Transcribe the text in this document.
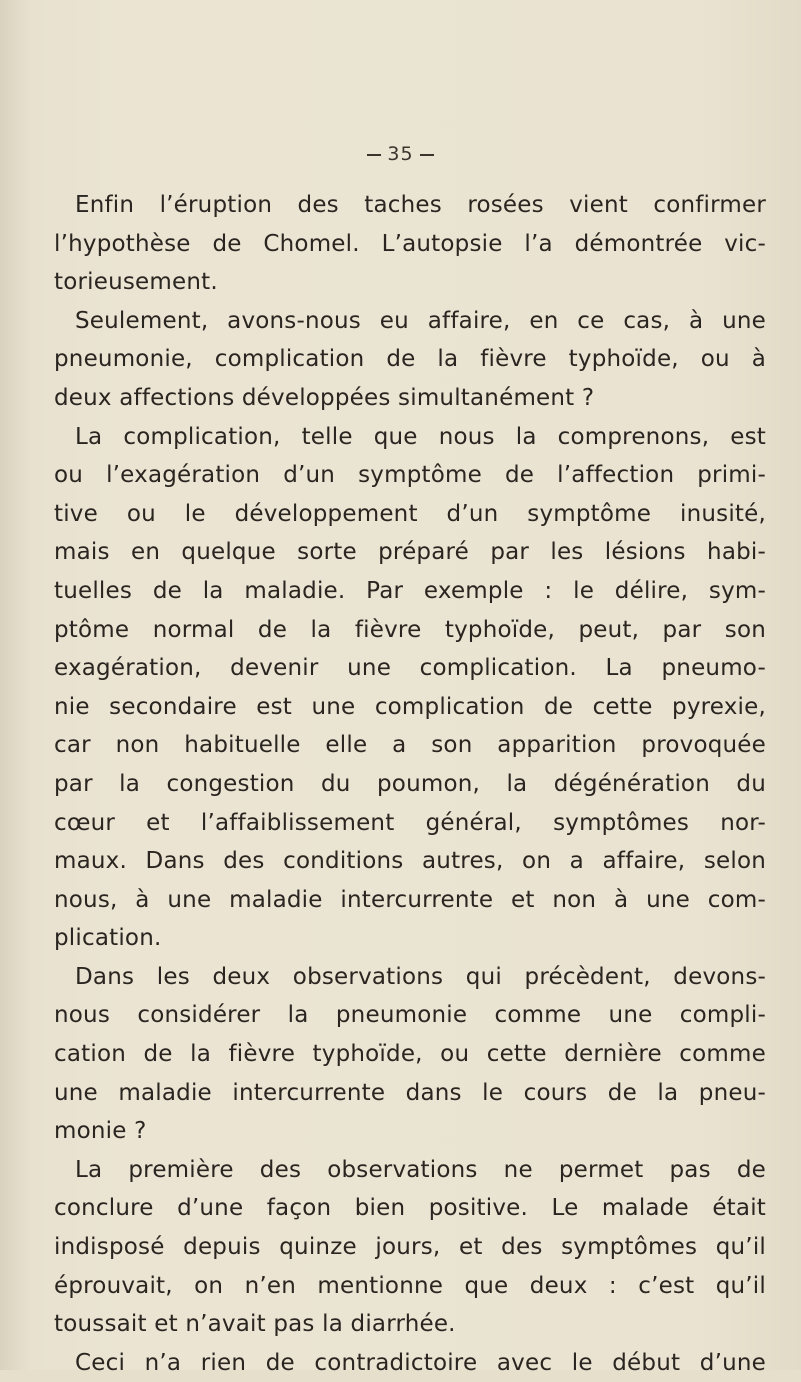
35
Enfin l’éruption des taches rosées vient confirmer
l’hypothèse de Chomel. L’autopsie l’a démontrée vic-
torieusement.
Seulement, avons-nous eu affaire, en ce cas, à une
pneumonie, complication de la fièvre typhoïde, ou à
deux affections développées simultanément ?
La complication, telle que nous la comprenons, est
ou l’exagération d’un symptôme de l’affection primi-
tive ou le développement d’un symptôme inusité,
mais en quelque sorte préparé par les lésions habi-
tuelles de la maladie. Par exemple : le délire, sym-
ptôme normal de la fièvre typhoïde, peut, par son
exagération, devenir une complication. La pneumo-
nie secondaire est une complication de cette pyrexie,
car non habituelle elle a son apparition provoquée
par la congestion du poumon, la dégénération du
cœur et l’affaiblissement général, symptômes nor-
maux. Dans des conditions autres, on a affaire, selon
nous, à une maladie intercurrente et non à une com-
plication.
Dans les deux observations qui précèdent, devons-
nous considérer la pneumonie comme une compli-
cation de la fièvre typhoïde, ou cette dernière comme
une maladie intercurrente dans le cours de la pneu-
monie ?
La première des observations ne permet pas de
conclure d’une façon bien positive. Le malade était
indisposé depuis quinze jours, et des symptômes qu’il
éprouvait, on n’en mentionne que deux : c’est qu’il
toussait et n’avait pas la diarrhée.
Ceci n’a rien de contradictoire avec le début d’une
